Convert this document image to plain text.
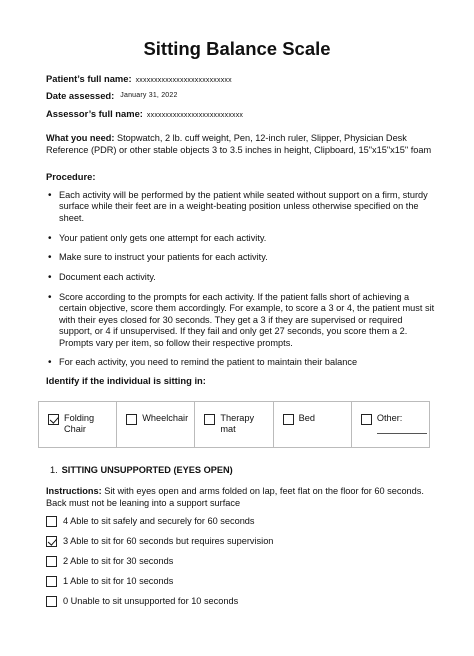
Sitting Balance Scale
Patient’s full name: xxxxxxxxxxxxxxxxxxxxxxxxxx
Date assessed: $^{January 31, 2022}$
Assessor’s full name: xxxxxxxxxxxxxxxxxxxxxxxxxx
What you need: Stopwatch, 2 lb. cuff weight, Pen, 12-inch ruler, Slipper, Physician Desk Reference (PDR) or other stable objects 3 to 3.5 inches in height, Clipboard, 15"x15"x15" foam
Procedure:
• Each activity will be performed by the patient while seated without support on a firm, sturdy surface while their feet are in a weight-beating position unless otherwise specified on the sheet.
• Your patient only gets one attempt for each activity.
• Make sure to instruct your patients for each activity.
• Document each activity.
• Score according to the prompts for each activity. If the patient falls short of achieving a certain objective, score them accordingly. For example, to score a 3 or 4, the patient must sit with their eyes closed for 30 seconds. They get a 3 if they are supervised or required support, or 4 if unsupervised. If they fail and only get 27 seconds, you score them a 2. Prompts vary per item, so follow their respective prompts.
• For each activity, you need to remind the patient to maintain their balance
Identify if the individual is sitting in:
Folding Chair
Wheelchair	Therapy mat
Bed	Other:
1. SITTING UNSUPPORTED (EYES OPEN)
Instructions: Sit with eyes open and arms folded on lap, feet flat on the floor for 60 seconds. Back must not be leaning into a support surface
4 Able to sit safely and securely for 60 seconds
3 Able to sit for 60 seconds but requires supervision
2 Able to sit for 30 seconds
1 Able to sit for 10 seconds
0 Unable to sit unsupported for 10 seconds
